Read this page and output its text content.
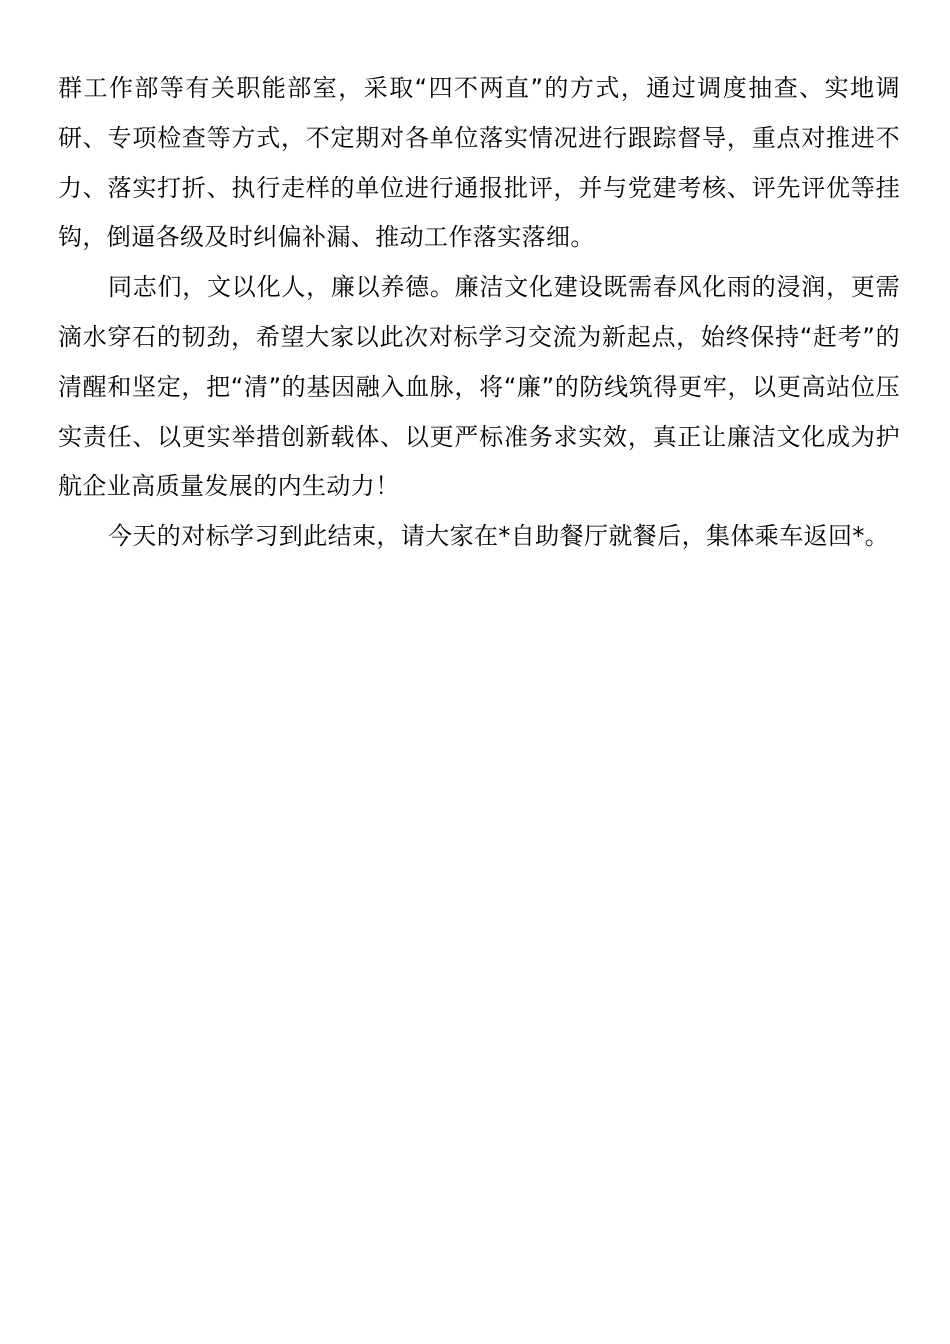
群工作部等有关职能部室，采取“四不两直”的方式，通过调度抽查、实地调研、专项检查等方式，不定期对各单位落实情况进行跟踪督导，重点对推进不力、落实打折、执行走样的单位进行通报批评，并与党建考核、评先评优等挂钩，倒逼各级及时纠偏补漏、推动工作落实落细。

同志们，文以化人，廉以养德。廉洁文化建设既需春风化雨的浸润，更需滴水穿石的韧劲，希望大家以此次对标学习交流为新起点，始终保持“赶考”的清醒和坚定，把“清”的基因融入血脉，将“廉”的防线筑得更牢，以更高站位压实责任、以更实举措创新载体、以更严标准务求实效，真正让廉洁文化成为护航企业高质量发展的内生动力！

今天的对标学习到此结束，请大家在*自助餐厅就餐后，集体乘车返回*。
